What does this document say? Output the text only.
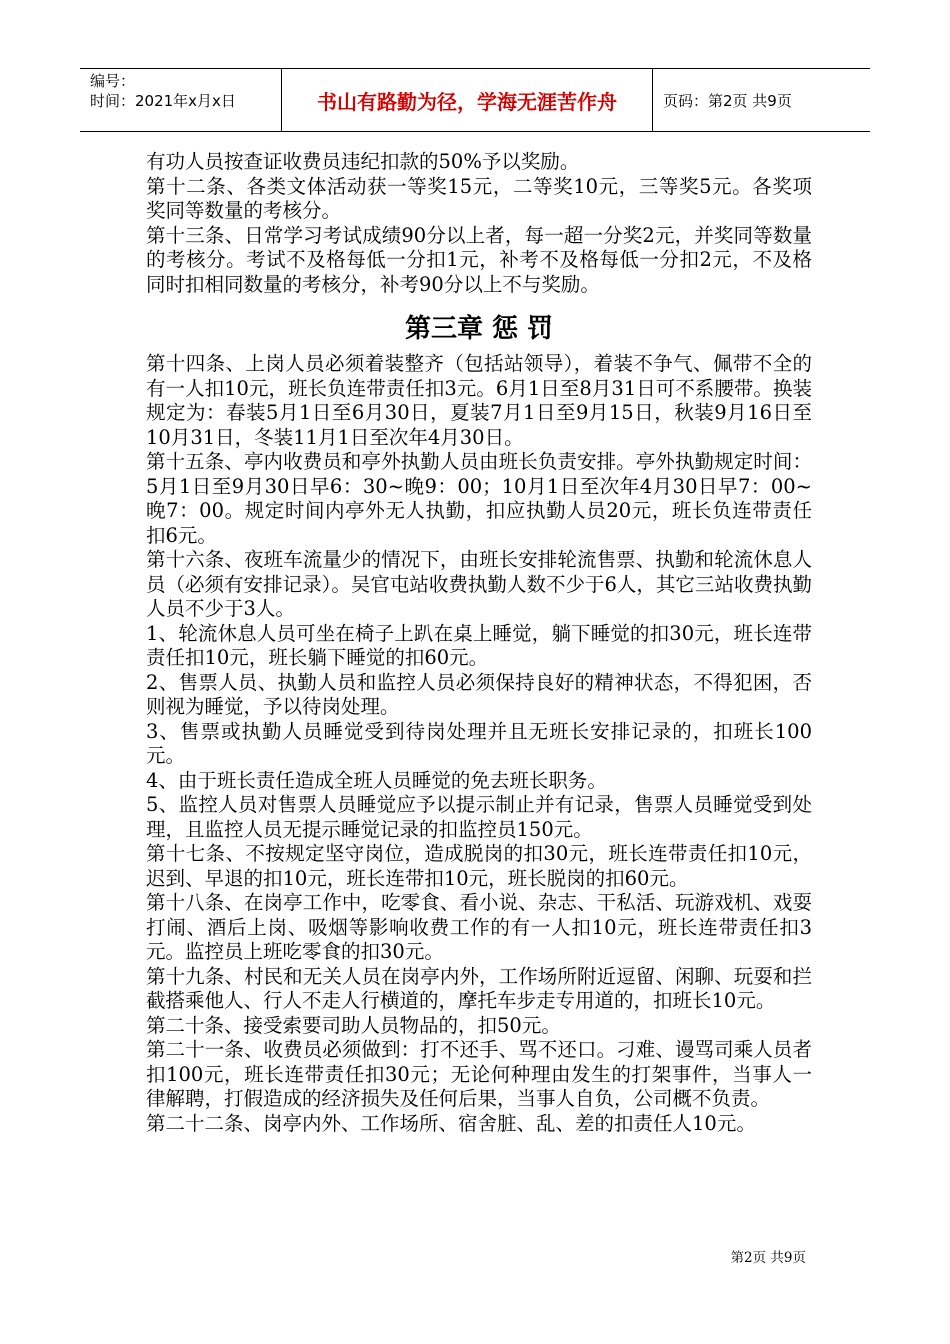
编号：
时间：2021年x月x日	书山有路勤为径，学海无涯苦作舟	页码：第2页 共9页

有功人员按查证收费员违纪扣款的50%予以奖励。

第十二条、各类文体活动获一等奖15元，二等奖10元，三等奖5元。各奖项奖同等数量的考核分。

第十三条、日常学习考试成绩90分以上者，每一超一分奖2元，并奖同等数量的考核分。考试不及格每低一分扣1元，补考不及格每低一分扣2元，不及格同时扣相同数量的考核分，补考90分以上不与奖励。

第三章 惩 罚

第十四条、上岗人员必须着装整齐（包括站领导），着装不争气、佩带不全的有一人扣10元，班长负连带责任扣3元。6月1日至8月31日可不系腰带。换装规定为：春装5月1日至6月30日，夏装7月1日至9月15日，秋装9月16日至10月31日，冬装11月1日至次年4月30日。

第十五条、亭内收费员和亭外执勤人员由班长负责安排。亭外执勤规定时间：5月1日至9月30日早6：30~晚9：00；10月1日至次年4月30日早7：00~晚7：00。规定时间内亭外无人执勤，扣应执勤人员20元，班长负连带责任扣6元。

第十六条、夜班车流量少的情况下，由班长安排轮流售票、执勤和轮流休息人员（必须有安排记录）。吴官屯站收费执勤人数不少于6人，其它三站收费执勤人员不少于3人。

1、轮流休息人员可坐在椅子上趴在桌上睡觉，躺下睡觉的扣30元，班长连带责任扣10元，班长躺下睡觉的扣60元。

2、售票人员、执勤人员和监控人员必须保持良好的精神状态，不得犯困，否则视为睡觉，予以待岗处理。

3、售票或执勤人员睡觉受到待岗处理并且无班长安排记录的，扣班长100元。

4、由于班长责任造成全班人员睡觉的免去班长职务。

5、监控人员对售票人员睡觉应予以提示制止并有记录，售票人员睡觉受到处理，且监控人员无提示睡觉记录的扣监控员150元。

第十七条、不按规定坚守岗位，造成脱岗的扣30元，班长连带责任扣10元，迟到、早退的扣10元，班长连带扣10元，班长脱岗的扣60元。

第十八条、在岗亭工作中，吃零食、看小说、杂志、干私活、玩游戏机、戏耍打闹、酒后上岗、吸烟等影响收费工作的有一人扣10元，班长连带责任扣3元。监控员上班吃零食的扣30元。

第十九条、村民和无关人员在岗亭内外，工作场所附近逗留、闲聊、玩耍和拦截搭乘他人、行人不走人行横道的，摩托车步走专用道的，扣班长10元。

第二十条、接受索要司助人员物品的，扣50元。

第二十一条、收费员必须做到：打不还手、骂不还口。刁难、谩骂司乘人员者扣100元，班长连带责任扣30元；无论何种理由发生的打架事件，当事人一律解聘，打假造成的经济损失及任何后果，当事人自负，公司概不负责。

第二十二条、岗亭内外、工作场所、宿舍脏、乱、差的扣责任人10元。

第2页 共9页
